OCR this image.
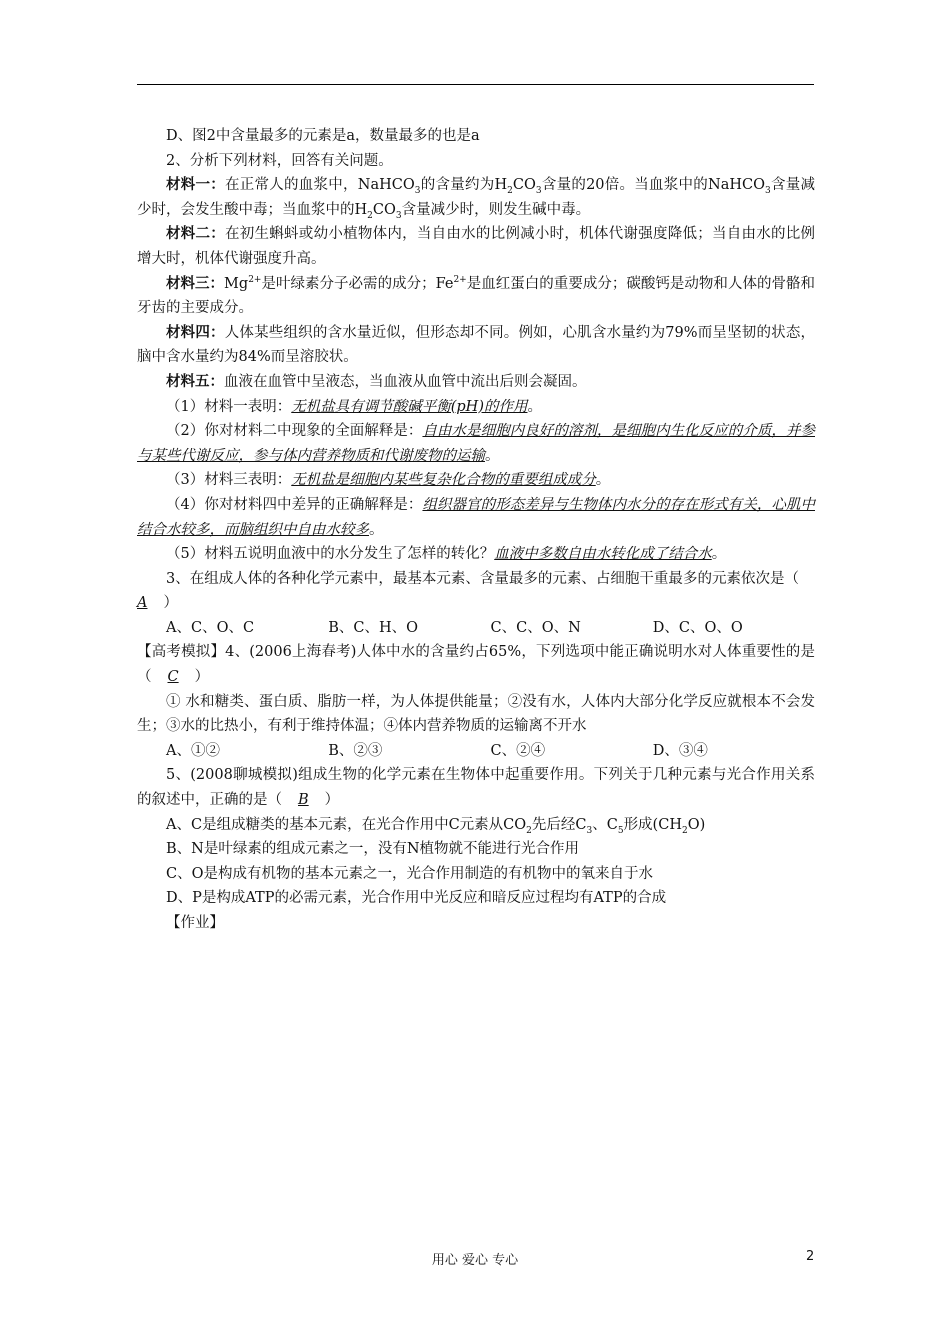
D、图2中含量最多的元素是a，数量最多的也是a

2、分析下列材料，回答有关问题。

材料一：在正常人的血浆中，NaHCO$_3$的含量约为$H_2CO_3$含量的20倍。当血浆中的NaHCO$_3$含量减少时，会发生酸中毒；当血浆中的$H_2CO_3$含量减少时，则发生碱中毒。

材料二：在初生蝌蚪或幼小植物体内，当自由水的比例减小时，机体代谢强度降低；当自由水的比例增大时，机体代谢强度升高。

材料三：$Mg^{2+}$是叶绿素分子必需的成分；$Fe^{2+}$是血红蛋白的重要成分；碳酸钙是动物和人体的骨骼和牙齿的主要成分。

材料四：人体某些组织的含水量近似，但形态却不同。例如，心肌含水量约为79%而呈坚韧的状态，脑中含水量约为84%而呈溶胶状。

材料五：血液在血管中呈液态，当血液从血管中流出后则会凝固。

（1）材料一表明：无机盐具有调节酸碱平衡(pH)的作用。

（2）你对材料二中现象的全面解释是：自由水是细胞内良好的溶剂，是细胞内生化反应的介质，并参与某些代谢反应，参与体内营养物质和代谢废物的运输。

（3）材料三表明：无机盐是细胞内某些复杂化合物的重要组成成分。

（4）你对材料四中差异的正确解释是：组织器官的形态差异与生物体内水分的存在形式有关，心肌中结合水较多，而脑组织中自由水较多。

（5）材料五说明血液中的水分发生了怎样的转化？血液中多数自由水转化成了结合水。

3、在组成人体的各种化学元素中，最基本元素、含量最多的元素、占细胞干重最多的元素依次是（A ）

A、C、O、C	B、C、H、O	C、C、O、N	D、C、O、O

【高考模拟】4、(2006上海春考)人体中水的含量约占65%，下列选项中能正确说明水对人体重要性的是（ C ）

① 水和糖类、蛋白质、脂肪一样，为人体提供能量；②没有水，人体内大部分化学反应就根本不会发生；③水的比热小，有利于维持体温；④体内营养物质的运输离不开水

A、①②	B、②③	C、②④	D、③④

5、(2008聊城模拟)组成生物的化学元素在生物体中起重要作用。下列关于几种元素与光合作用关系的叙述中，正确的是（ B ）

A、C是组成糖类的基本元素，在光合作用中C元素从$CO_2$先后经$C_3$、$C_5$形成$(CH_2O)$

B、N是叶绿素的组成元素之一，没有N植物就不能进行光合作用

C、O是构成有机物的基本元素之一，光合作用制造的有机物中的氧来自于水

D、P是构成ATP的必需元素，光合作用中光反应和暗反应过程均有ATP的合成

【作业】

用心 爱心 专心	2
